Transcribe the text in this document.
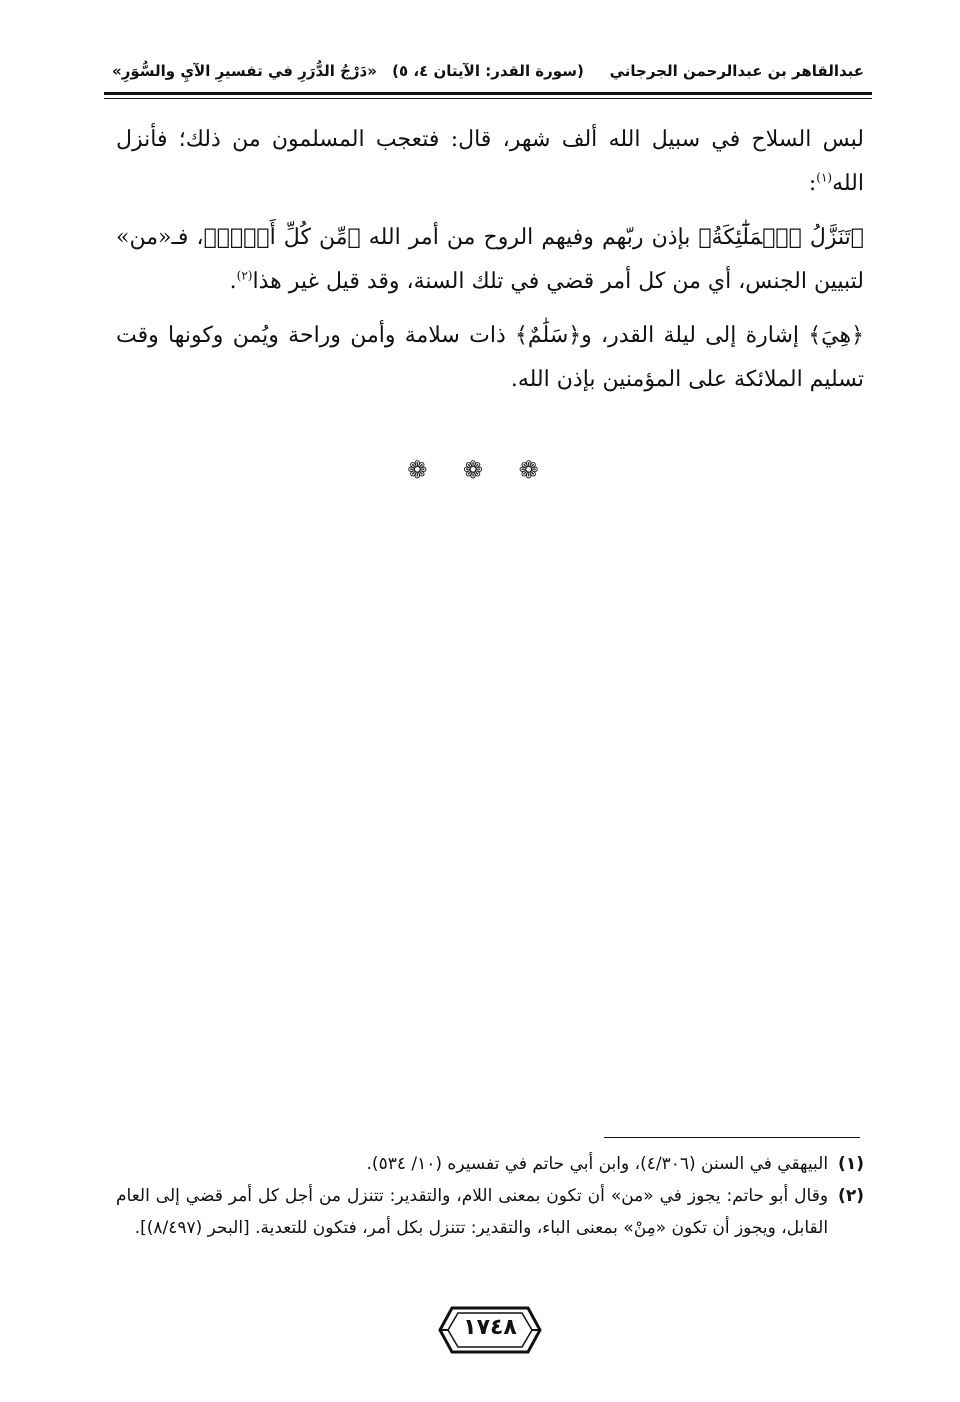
عبدالقاهر بن عبدالرحمن الجرجاني
(سورة القدر: الآيتان ٤، ٥)
«دَرْجُ الدُّرَرِ في تفسيرِ الآيِ والسُّوَرِ»

لبس السلاح في سبيل الله ألف شهر، قال: فتعجب المسلمون من ذلك؛ فأنزل الله$^{(١)}$:

﴿تَنَزَّلُ ٱلۡمَلَٰٓئِكَةُ﴾ بإذن ربّهم وفيهم الروح من أمر الله ﴿مِّن كُلِّ أَمۡرٖ﴾، فـ«من» لتبيين الجنس، أي من كل أمر قضي في تلك السنة، وقد قيل غير هذا$^{(٢)}$.

﴿هِيَ﴾ إشارة إلى ليلة القدر، و﴿سَلَٰمٌ﴾ ذات سلامة وأمن وراحة ويُمن وكونها وقت تسليم الملائكة على المؤمنين بإذن الله.

❁ ❁ ❁
(١)
البيهقي في السنن (٤/٣٠٦)، وابن أبي حاتم في تفسيره (١٠/ ٥٣٤).
(٢)
وقال أبو حاتم: يجوز في «من» أن تكون بمعنى اللام، والتقدير: تتنزل من أجل كل أمر قضي إلى العام القابل، ويجوز أن تكون «مِنْ» بمعنى الباء، والتقدير: تتنزل بكل أمر، فتكون للتعدية. [البحر (٨/٤٩٧)].
١٧٤٨
